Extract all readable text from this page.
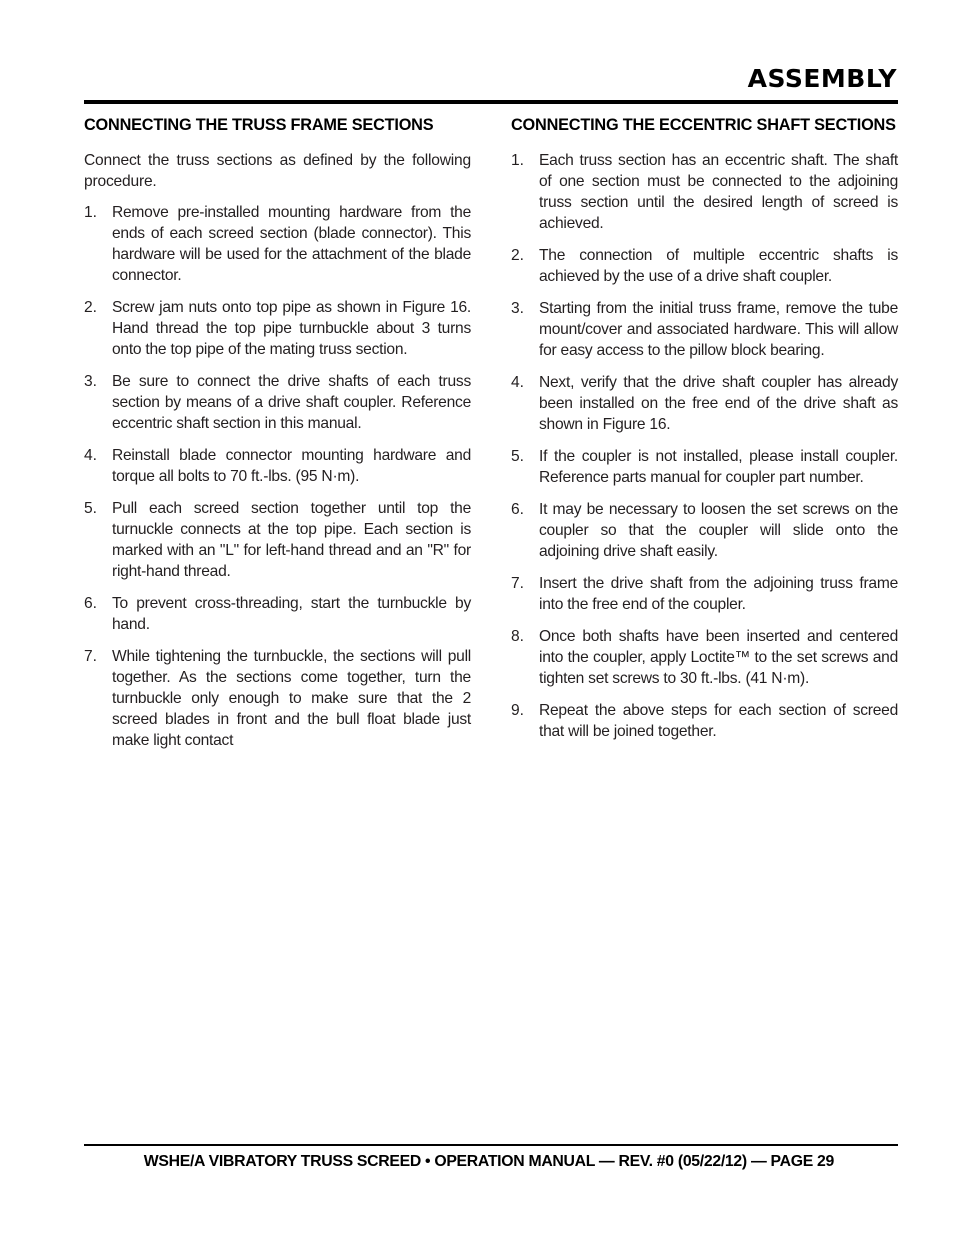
ASSEMBLY
CONNECTING THE TRUSS FRAME SECTIONS

Connect the truss sections as defined by the following procedure.

1. Remove pre-installed mounting hardware from the ends of each screed section (blade connector). This hardware will be used for the attachment of the blade connector.
2. Screw jam nuts onto top pipe as shown in Figure 16. Hand thread the top pipe turnbuckle about 3 turns onto the top pipe of the mating truss section.
3. Be sure to connect the drive shafts of each truss section by means of a drive shaft coupler. Reference eccentric shaft section in this manual.
4. Reinstall blade connector mounting hardware and torque all bolts to 70 ft.-lbs. (95 N·m).
5. Pull each screed section together until top the turnuckle connects at the top pipe. Each section is marked with an "L" for left-hand thread and an "R" for right-hand thread.
6. To prevent cross-threading, start the turnbuckle by hand.
7. While tightening the turnbuckle, the sections will pull together. As the sections come together, turn the turnbuckle only enough to make sure that the 2 screed blades in front and the bull float blade just make light contact
CONNECTING THE ECCENTRIC SHAFT SECTIONS
1. Each truss section has an eccentric shaft. The shaft of one section must be connected to the adjoining truss section until the desired length of screed is achieved.
2. The connection of multiple eccentric shafts is achieved by the use of a drive shaft coupler.
3. Starting from the initial truss frame, remove the tube mount/cover and associated hardware. This will allow for easy access to the pillow block bearing.
4. Next, verify that the drive shaft coupler has already been installed on the free end of the drive shaft as shown in Figure 16.
5. If the coupler is not installed, please install coupler. Reference parts manual for coupler part number.
6. It may be necessary to loosen the set screws on the coupler so that the coupler will slide onto the adjoining drive shaft easily.
7. Insert the drive shaft from the adjoining truss frame into the free end of the coupler.
8. Once both shafts have been inserted and centered into the coupler, apply Loctite™ to the set screws and tighten set screws to 30 ft.-lbs. (41 N·m).
9. Repeat the above steps for each section of screed that will be joined together.
WSHE/A VIBRATORY TRUSS SCREED • OPERATION MANUAL — REV. #0 (05/22/12) — PAGE 29
